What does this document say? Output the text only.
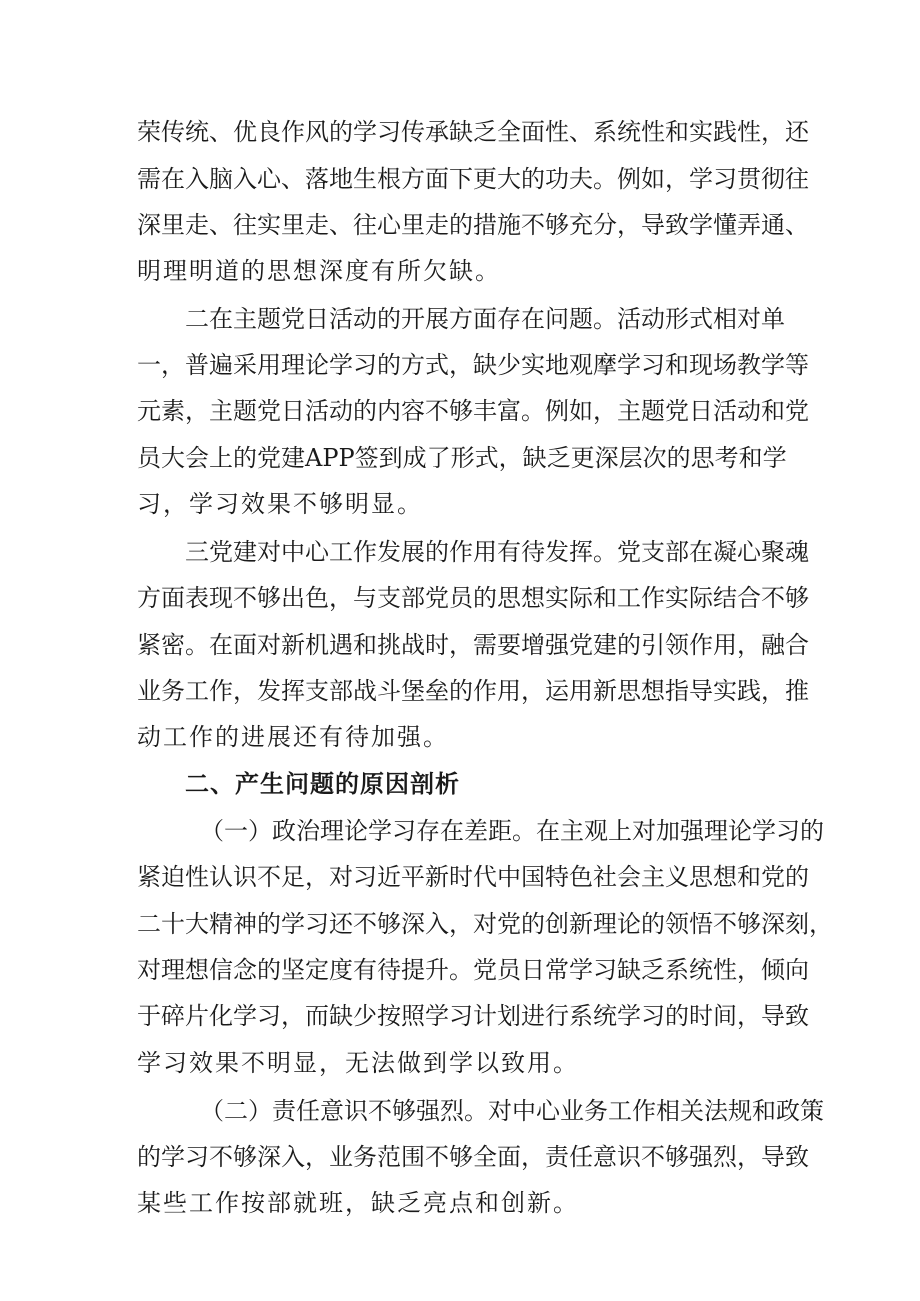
荣传统、优良作风的学习传承缺乏全面性、系统性和实践性，还
需在入脑入心、落地生根方面下更大的功夫。例如，学习贯彻往
深里走、往实里走、往心里走的措施不够充分，导致学懂弄通、
明理明道的思想深度有所欠缺。
二在主题党日活动的开展方面存在问题。活动形式相对单
一，普遍采用理论学习的方式，缺少实地观摩学习和现场教学等
元素，主题党日活动的内容不够丰富。例如，主题党日活动和党
员大会上的党建APP签到成了形式，缺乏更深层次的思考和学
习，学习效果不够明显。
三党建对中心工作发展的作用有待发挥。党支部在凝心聚魂
方面表现不够出色，与支部党员的思想实际和工作实际结合不够
紧密。在面对新机遇和挑战时，需要增强党建的引领作用，融合
业务工作，发挥支部战斗堡垒的作用，运用新思想指导实践，推
动工作的进展还有待加强。
二、产生问题的原因剖析
（一）政治理论学习存在差距。在主观上对加强理论学习的
紧迫性认识不足，对习近平新时代中国特色社会主义思想和党的
二十大精神的学习还不够深入，对党的创新理论的领悟不够深刻，
对理想信念的坚定度有待提升。党员日常学习缺乏系统性，倾向
于碎片化学习，而缺少按照学习计划进行系统学习的时间，导致
学习效果不明显，无法做到学以致用。
（二）责任意识不够强烈。对中心业务工作相关法规和政策
的学习不够深入，业务范围不够全面，责任意识不够强烈，导致
某些工作按部就班，缺乏亮点和创新。
